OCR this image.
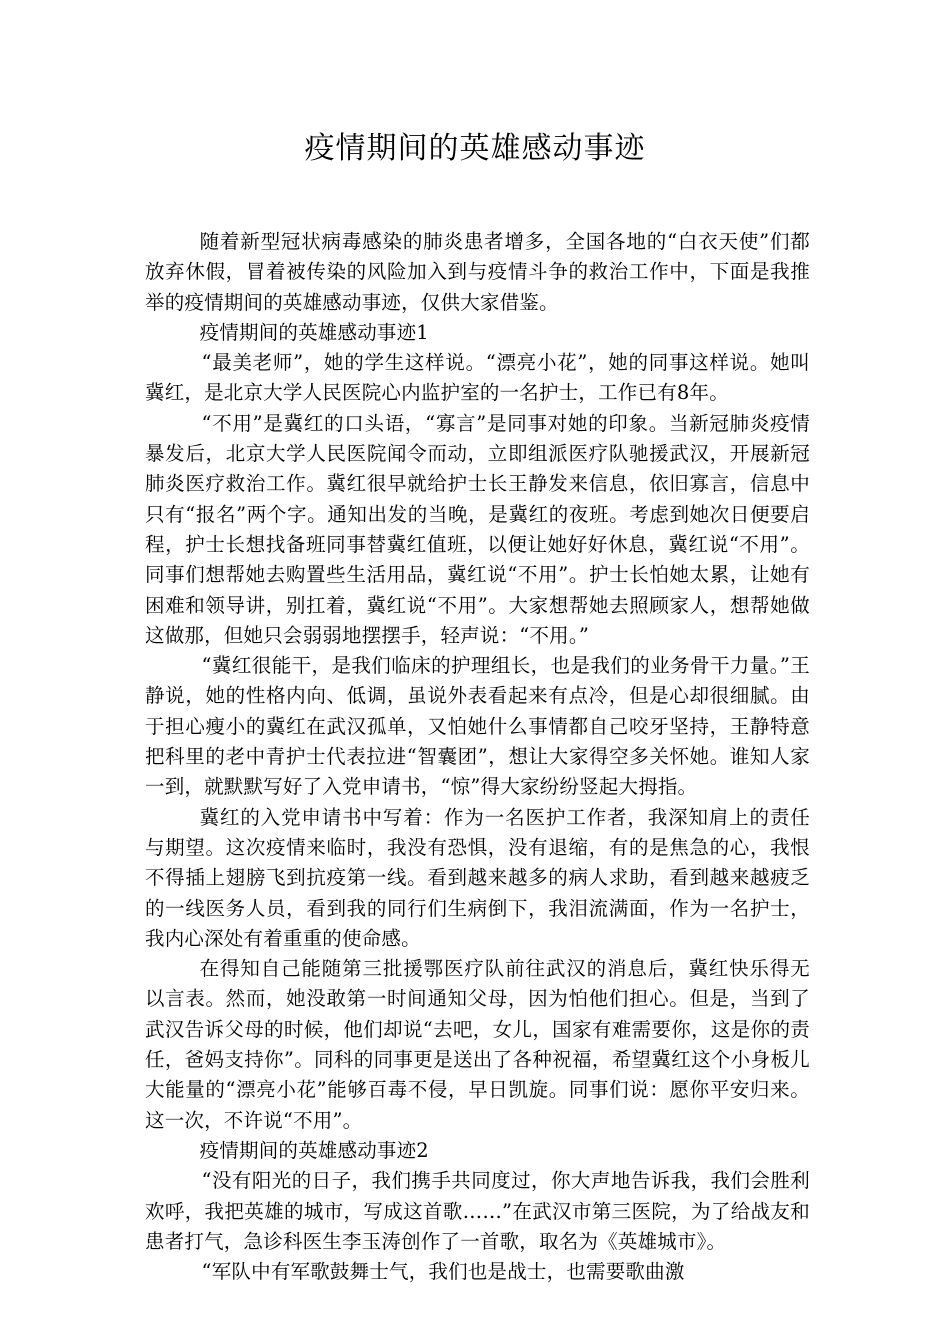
疫情期间的英雄感动事迹

随着新型冠状病毒感染的肺炎患者增多，全国各地的“白衣天使”们都放弃休假，冒着被传染的风险加入到与疫情斗争的救治工作中，下面是我推举的疫情期间的英雄感动事迹，仅供大家借鉴。

疫情期间的英雄感动事迹1

“最美老师”，她的学生这样说。“漂亮小花”，她的同事这样说。她叫冀红，是北京大学人民医院心内监护室的一名护士，工作已有8年。

“不用”是冀红的口头语，“寡言”是同事对她的印象。当新冠肺炎疫情暴发后，北京大学人民医院闻令而动，立即组派医疗队驰援武汉，开展新冠肺炎医疗救治工作。冀红很早就给护士长王静发来信息，依旧寡言，信息中只有“报名”两个字。通知出发的当晚，是冀红的夜班。考虑到她次日便要启程，护士长想找备班同事替冀红值班，以便让她好好休息，冀红说“不用”。同事们想帮她去购置些生活用品，冀红说“不用”。护士长怕她太累，让她有困难和领导讲，别扛着，冀红说“不用”。大家想帮她去照顾家人，想帮她做这做那，但她只会弱弱地摆摆手，轻声说：“不用。”

“冀红很能干，是我们临床的护理组长，也是我们的业务骨干力量。”王静说，她的性格内向、低调，虽说外表看起来有点冷，但是心却很细腻。由于担心瘦小的冀红在武汉孤单，又怕她什么事情都自己咬牙坚持，王静特意把科里的老中青护士代表拉进“智囊团”，想让大家得空多关怀她。谁知人家一到，就默默写好了入党申请书，“惊”得大家纷纷竖起大拇指。

冀红的入党申请书中写着：作为一名医护工作者，我深知肩上的责任与期望。这次疫情来临时，我没有恐惧，没有退缩，有的是焦急的心，我恨不得插上翅膀飞到抗疫第一线。看到越来越多的病人求助，看到越来越疲乏的一线医务人员，看到我的同行们生病倒下，我泪流满面，作为一名护士，我内心深处有着重重的使命感。

在得知自己能随第三批援鄂医疗队前往武汉的消息后，冀红快乐得无以言表。然而，她没敢第一时间通知父母，因为怕他们担心。但是，当到了武汉告诉父母的时候，他们却说“去吧，女儿，国家有难需要你，这是你的责任，爸妈支持你”。同科的同事更是送出了各种祝福，希望冀红这个小身板儿大能量的“漂亮小花”能够百毒不侵，早日凯旋。同事们说：愿你平安归来。这一次，不许说“不用”。

疫情期间的英雄感动事迹2

“没有阳光的日子，我们携手共同度过，你大声地告诉我，我们会胜利欢呼，我把英雄的城市，写成这首歌……”在武汉市第三医院，为了给战友和患者打气，急诊科医生李玉涛创作了一首歌，取名为《英雄城市》。

“军队中有军歌鼓舞士气，我们也是战士，也需要歌曲激
